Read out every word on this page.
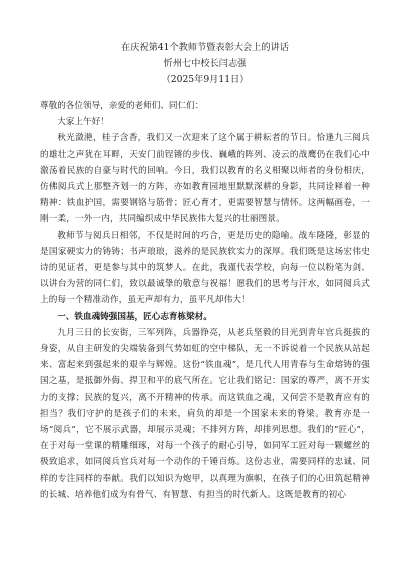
在庆祝第41个教师节暨表彰大会上的讲话

忻州七中校长闫志强

（2025年9月11日）

尊敬的各位领导，亲爱的老师们、同仁们：

大家上午好！

秋光潋滟，桂子含香，我们又一次迎来了这个属于耕耘者的节日。恰逢九三阅兵的雄壮之声犹在耳畔，天安门前锃锵的步伐、巍峨的阵列、凌云的战鹰仍在我们心中激荡着民族的自豪与时代的回响。今日，我们以教育的名义相聚以师者的身份相庆，仿佛阅兵式上那整齐划一的方阵，亦如教育园地里默默深耕的身影，共同诠释着一种精神：铁血护国，需要钢铬与筋骨；匠心育才，更需要智慧与情怀。这两幅画卷，一刚一柔，一外一内，共同编织成中华民族伟大复兴的壮丽图景。

教师节与阅兵日相邻，不仅是时间的巧合，更是历史的隐喻。战车隆隆，彰显的是国家硬实力的铸铸；书声琅琅，滋养的是民族软实力的深厚。我们既是这场宏伟史诗的见证者，更是参与其中的筑梦人。在此，我谨代表学校，向每一位以粉笔为剑、以讲台为营的同仁们，致以最诚挚的敬意与祝福！愿我们的思考与汗水，如同阅兵式上的每一个精准动作，虽无声却有力，虽平凡却伟大！

一、铁血魂铸强国基，匠心志育栋梁材。

九月三日的长安街，三军列阵，兵器铮亮，从老兵坚毅的目光到青年官兵挺拔的身姿，从自主研发的尖端装备到气势如虹的空中梯队，无一不诉说着一个民族从站起来、富起来到强起来的艰辛与辉煌。这份“铁血魂”，是几代人用青春与生命熔铸的强国之基，是抵御外侮、捍卫和平的底气所在。它让我们铭记：国家的尊严，离不开实力的支撑；民族的复兴，离不开精神的传承。而这铁血之魂，又何尝不是教育应有的担当？我们守护的是孩子们的未来，肩负的却是一个国家未来的脊梁。教育亦是一场“阅兵”，它不展示武器，却展示灵魂；不排列方阵，却排列思想。我们的“匠心”，在于对每一堂课的精雕细琢，对每一个孩子的耐心引导，如同军工匠对每一颗螺丝的极致追求，如同阅兵官兵对每一个动作的千锤百炼。这份志业，需要同样的忠诚、同样的专注同样的奉献。我们以知识为炮甲，以真理为旗帜，在孩子们的心田筑起精神的长城、培养他们成为有骨气、有智慧、有担当的时代新人。这既是教育的初心
